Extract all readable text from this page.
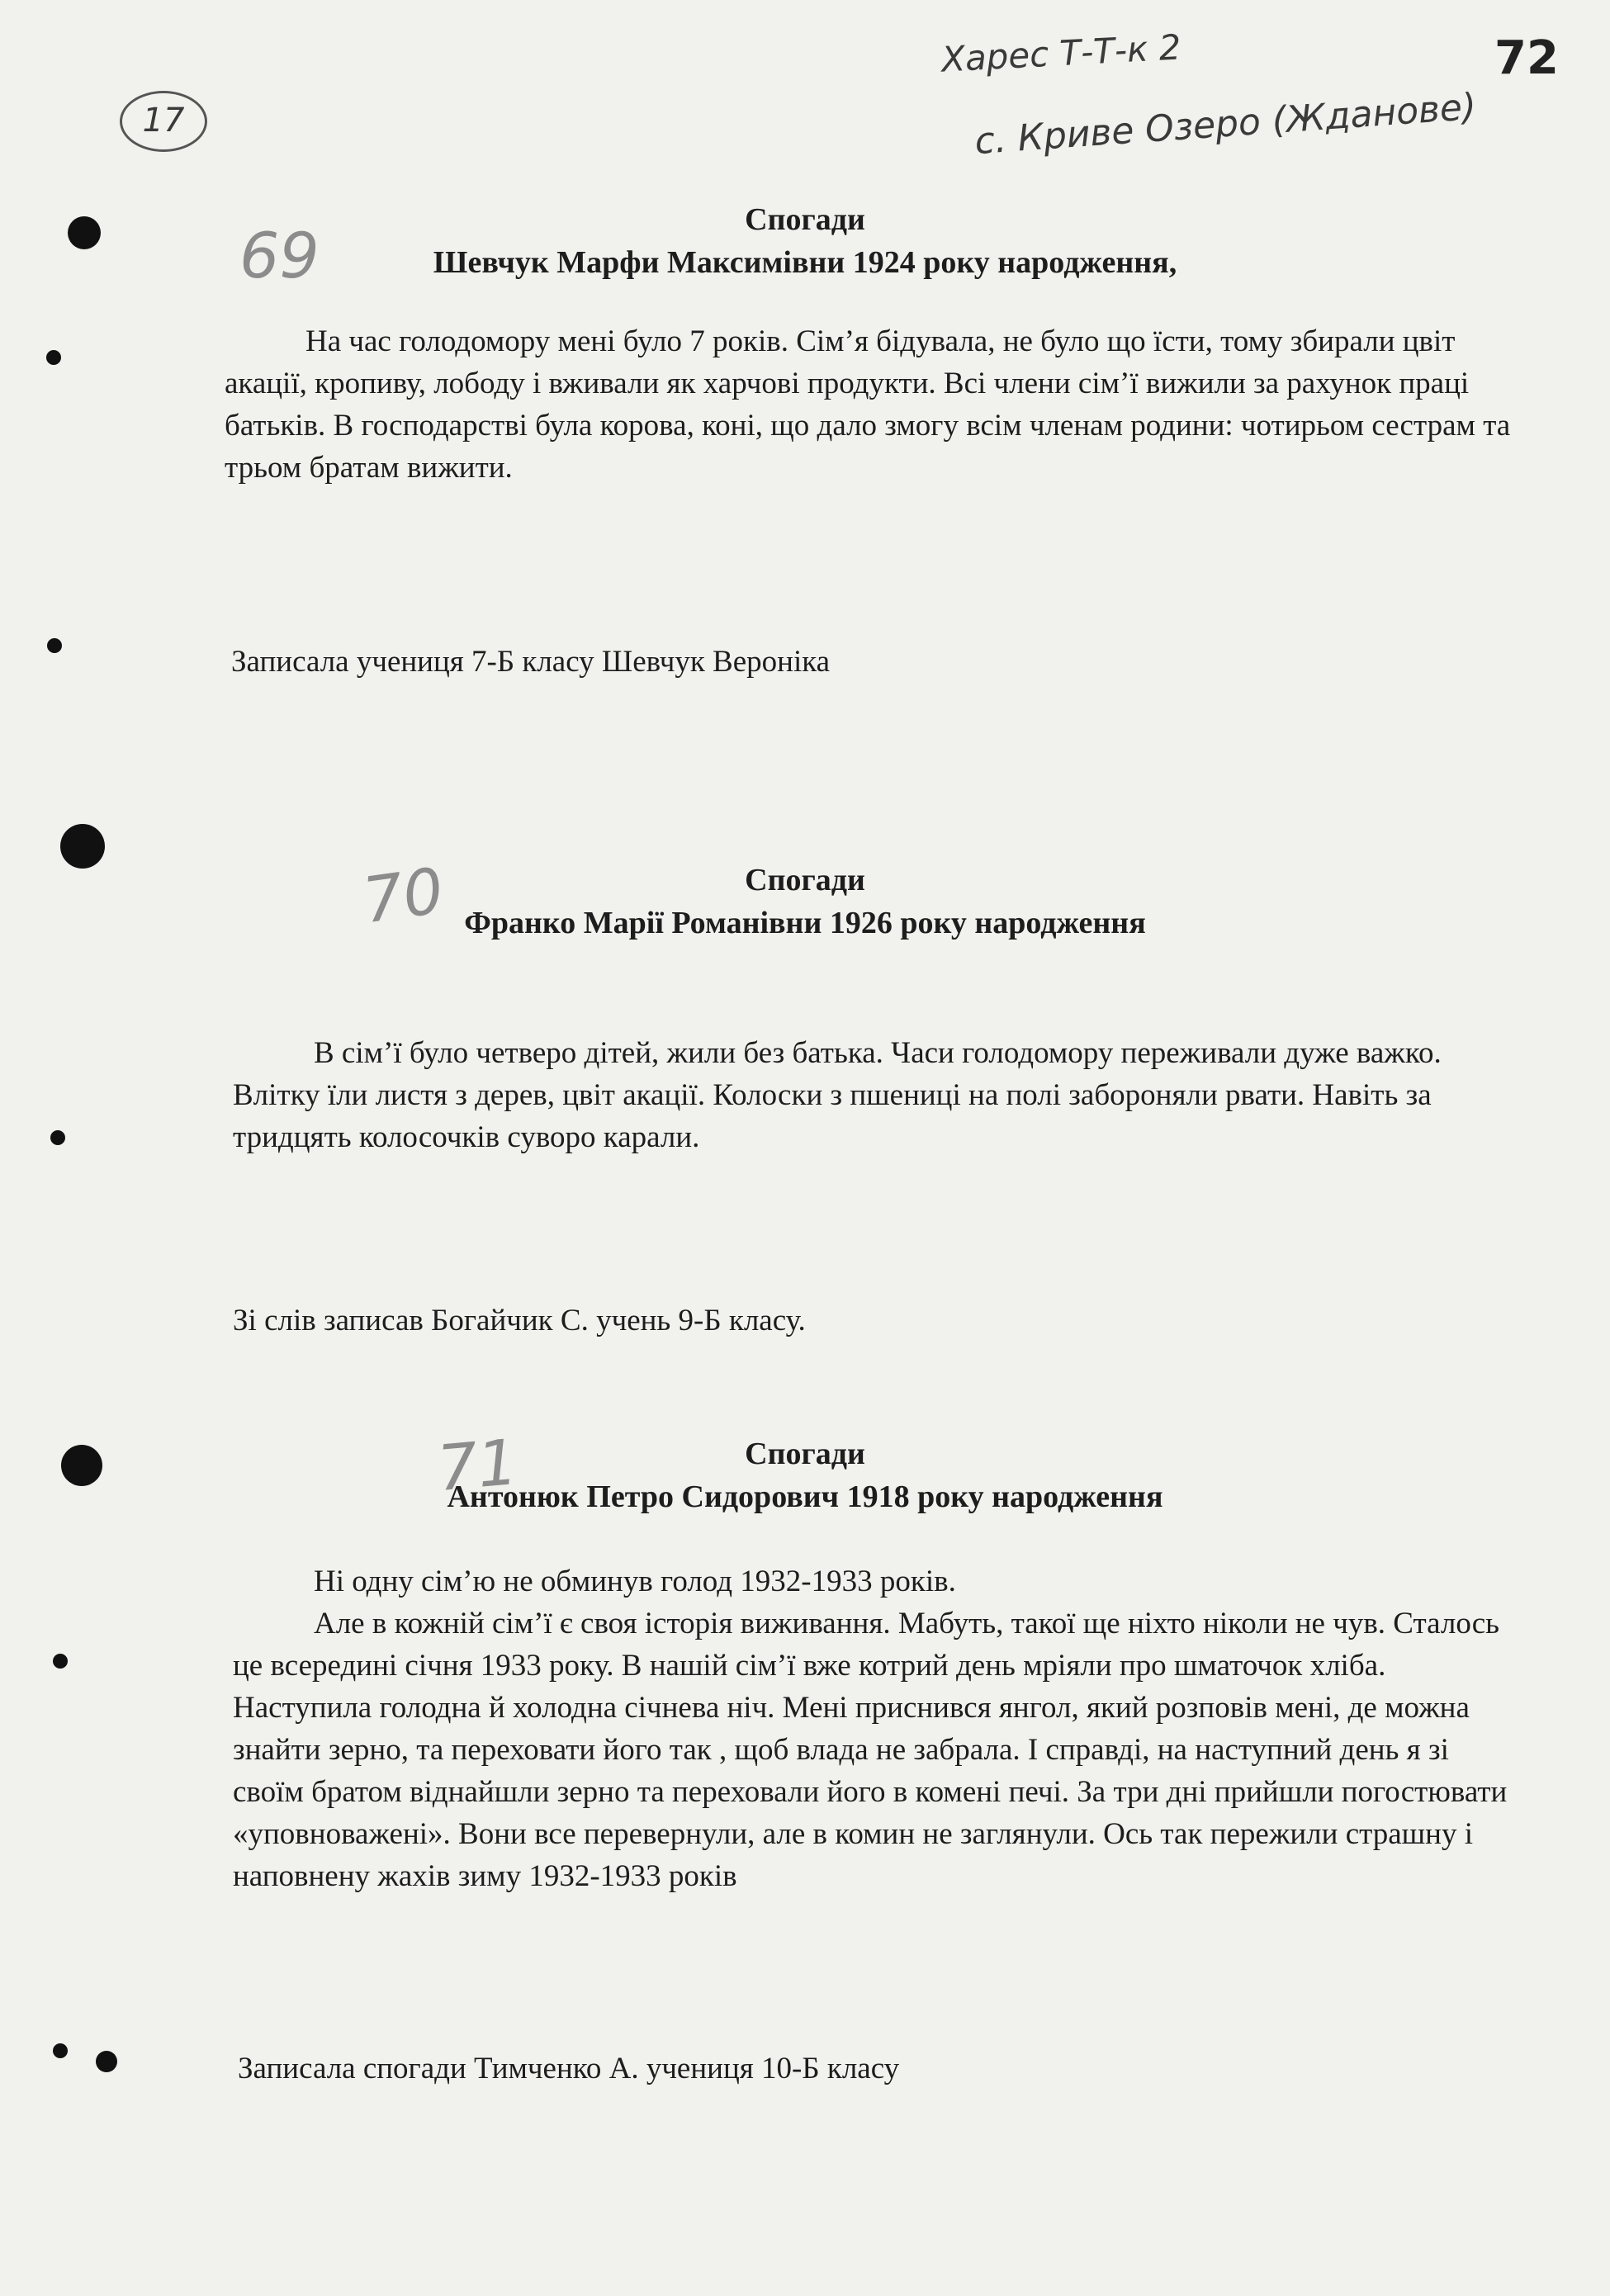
Харес Т-Т-к 2
с. Криве Озеро (Жданове)
72
17
69
70
71
Спогади
Шевчук Марфи Максимівни 1924 року народження,

На час голодомору мені було 7 років. Сім’я бідувала, не було що їсти, тому збирали цвіт акації, кропиву, лободу і вживали як харчові продукти. Всі члени сім’ї вижили за рахунок праці батьків. В господарстві була корова, коні, що дало змогу всім членам родини: чотирьом сестрам та трьом братам вижити.

Записала учениця 7-Б класу Шевчук Вероніка
Спогади
Франко Марії Романівни 1926 року народження

В сім’ї було четверо дітей, жили без батька. Часи голодомору переживали дуже важко. Влітку їли листя з дерев, цвіт акації. Колоски з пшениці на полі забороняли рвати. Навіть за тридцять колосочків суворо карали.

Зі слів записав Богайчик С. учень 9-Б класу.
Спогади
Антонюк Петро Сидорович 1918 року народження

Ні одну сім’ю не обминув голод 1932-1933 років.

Але в кожній сім’ї є своя історія виживання. Мабуть, такої ще ніхто ніколи не чув. Сталось це всередині січня 1933 року. В нашій сім’ї вже котрий день мріяли про шматочок хліба. Наступила голодна й холодна січнева ніч. Мені приснився янгол, який розповів мені, де можна знайти зерно, та переховати його так , щоб влада не забрала. І справді, на наступний день я зі своїм братом віднайшли зерно та переховали його в комені печі. За три дні прийшли погостювати «уповноважені». Вони все перевернули, але в комин не заглянули. Ось так пережили страшну і наповнену жахів зиму 1932-1933 років

Записала спогади Тимченко А. учениця 10-Б класу
